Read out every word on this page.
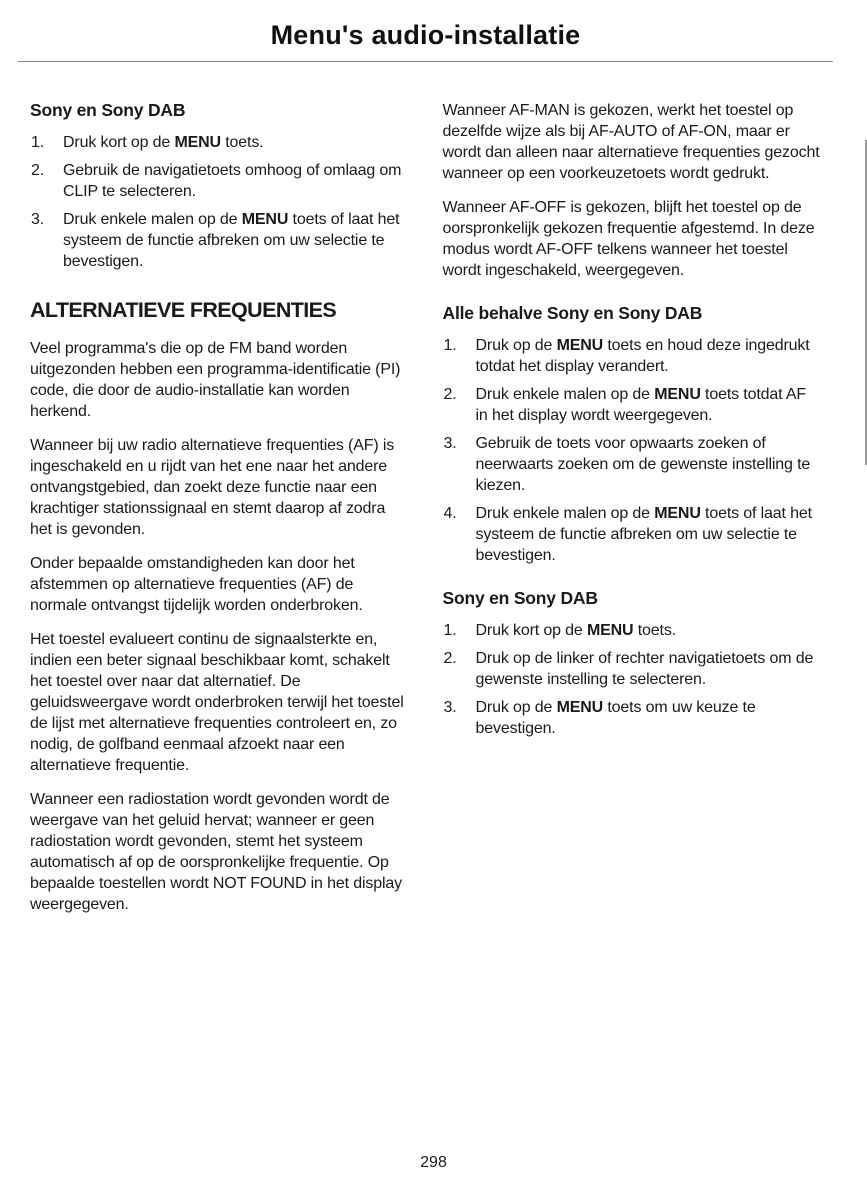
Menu's audio-installatie
Sony en Sony DAB
Druk kort op de MENU toets.
Gebruik de navigatietoets omhoog of omlaag om CLIP te selecteren.
Druk enkele malen op de MENU toets of laat het systeem de functie afbreken om uw selectie te bevestigen.
ALTERNATIEVE FREQUENTIES

Veel programma's die op de FM band worden uitgezonden hebben een programma-identificatie (PI) code, die door de audio-installatie kan worden herkend.

Wanneer bij uw radio alternatieve frequenties (AF) is ingeschakeld en u rijdt van het ene naar het andere ontvangstgebied, dan zoekt deze functie naar een krachtiger stationssignaal en stemt daarop af zodra het is gevonden.

Onder bepaalde omstandigheden kan door het afstemmen op alternatieve frequenties (AF) de normale ontvangst tijdelijk worden onderbroken.

Het toestel evalueert continu de signaalsterkte en, indien een beter signaal beschikbaar komt, schakelt het toestel over naar dat alternatief. De geluidsweergave wordt onderbroken terwijl het toestel de lijst met alternatieve frequenties controleert en, zo nodig, de golfband eenmaal afzoekt naar een alternatieve frequentie.

Wanneer een radiostation wordt gevonden wordt de weergave van het geluid hervat; wanneer er geen radiostation wordt gevonden, stemt het systeem automatisch af op de oorspronkelijke frequentie. Op bepaalde toestellen wordt NOT FOUND in het display weergegeven.

Wanneer AF-MAN is gekozen, werkt het toestel op dezelfde wijze als bij AF-AUTO of AF-ON, maar er wordt dan alleen naar alternatieve frequenties gezocht wanneer op een voorkeuzetoets wordt gedrukt.

Wanneer AF-OFF is gekozen, blijft het toestel op de oorspronkelijk gekozen frequentie afgestemd. In deze modus wordt AF-OFF telkens wanneer het toestel wordt ingeschakeld, weergegeven.

Alle behalve Sony en Sony DAB
Druk op de MENU toets en houd deze ingedrukt totdat het display verandert.
Druk enkele malen op de MENU toets totdat AF in het display wordt weergegeven.
Gebruik de toets voor opwaarts zoeken of neerwaarts zoeken om de gewenste instelling te kiezen.
Druk enkele malen op de MENU toets of laat het systeem de functie afbreken om uw selectie te bevestigen.
Sony en Sony DAB
Druk kort op de MENU toets.
Druk op de linker of rechter navigatietoets om de gewenste instelling te selecteren.
Druk op de MENU toets om uw keuze te bevestigen.
298
